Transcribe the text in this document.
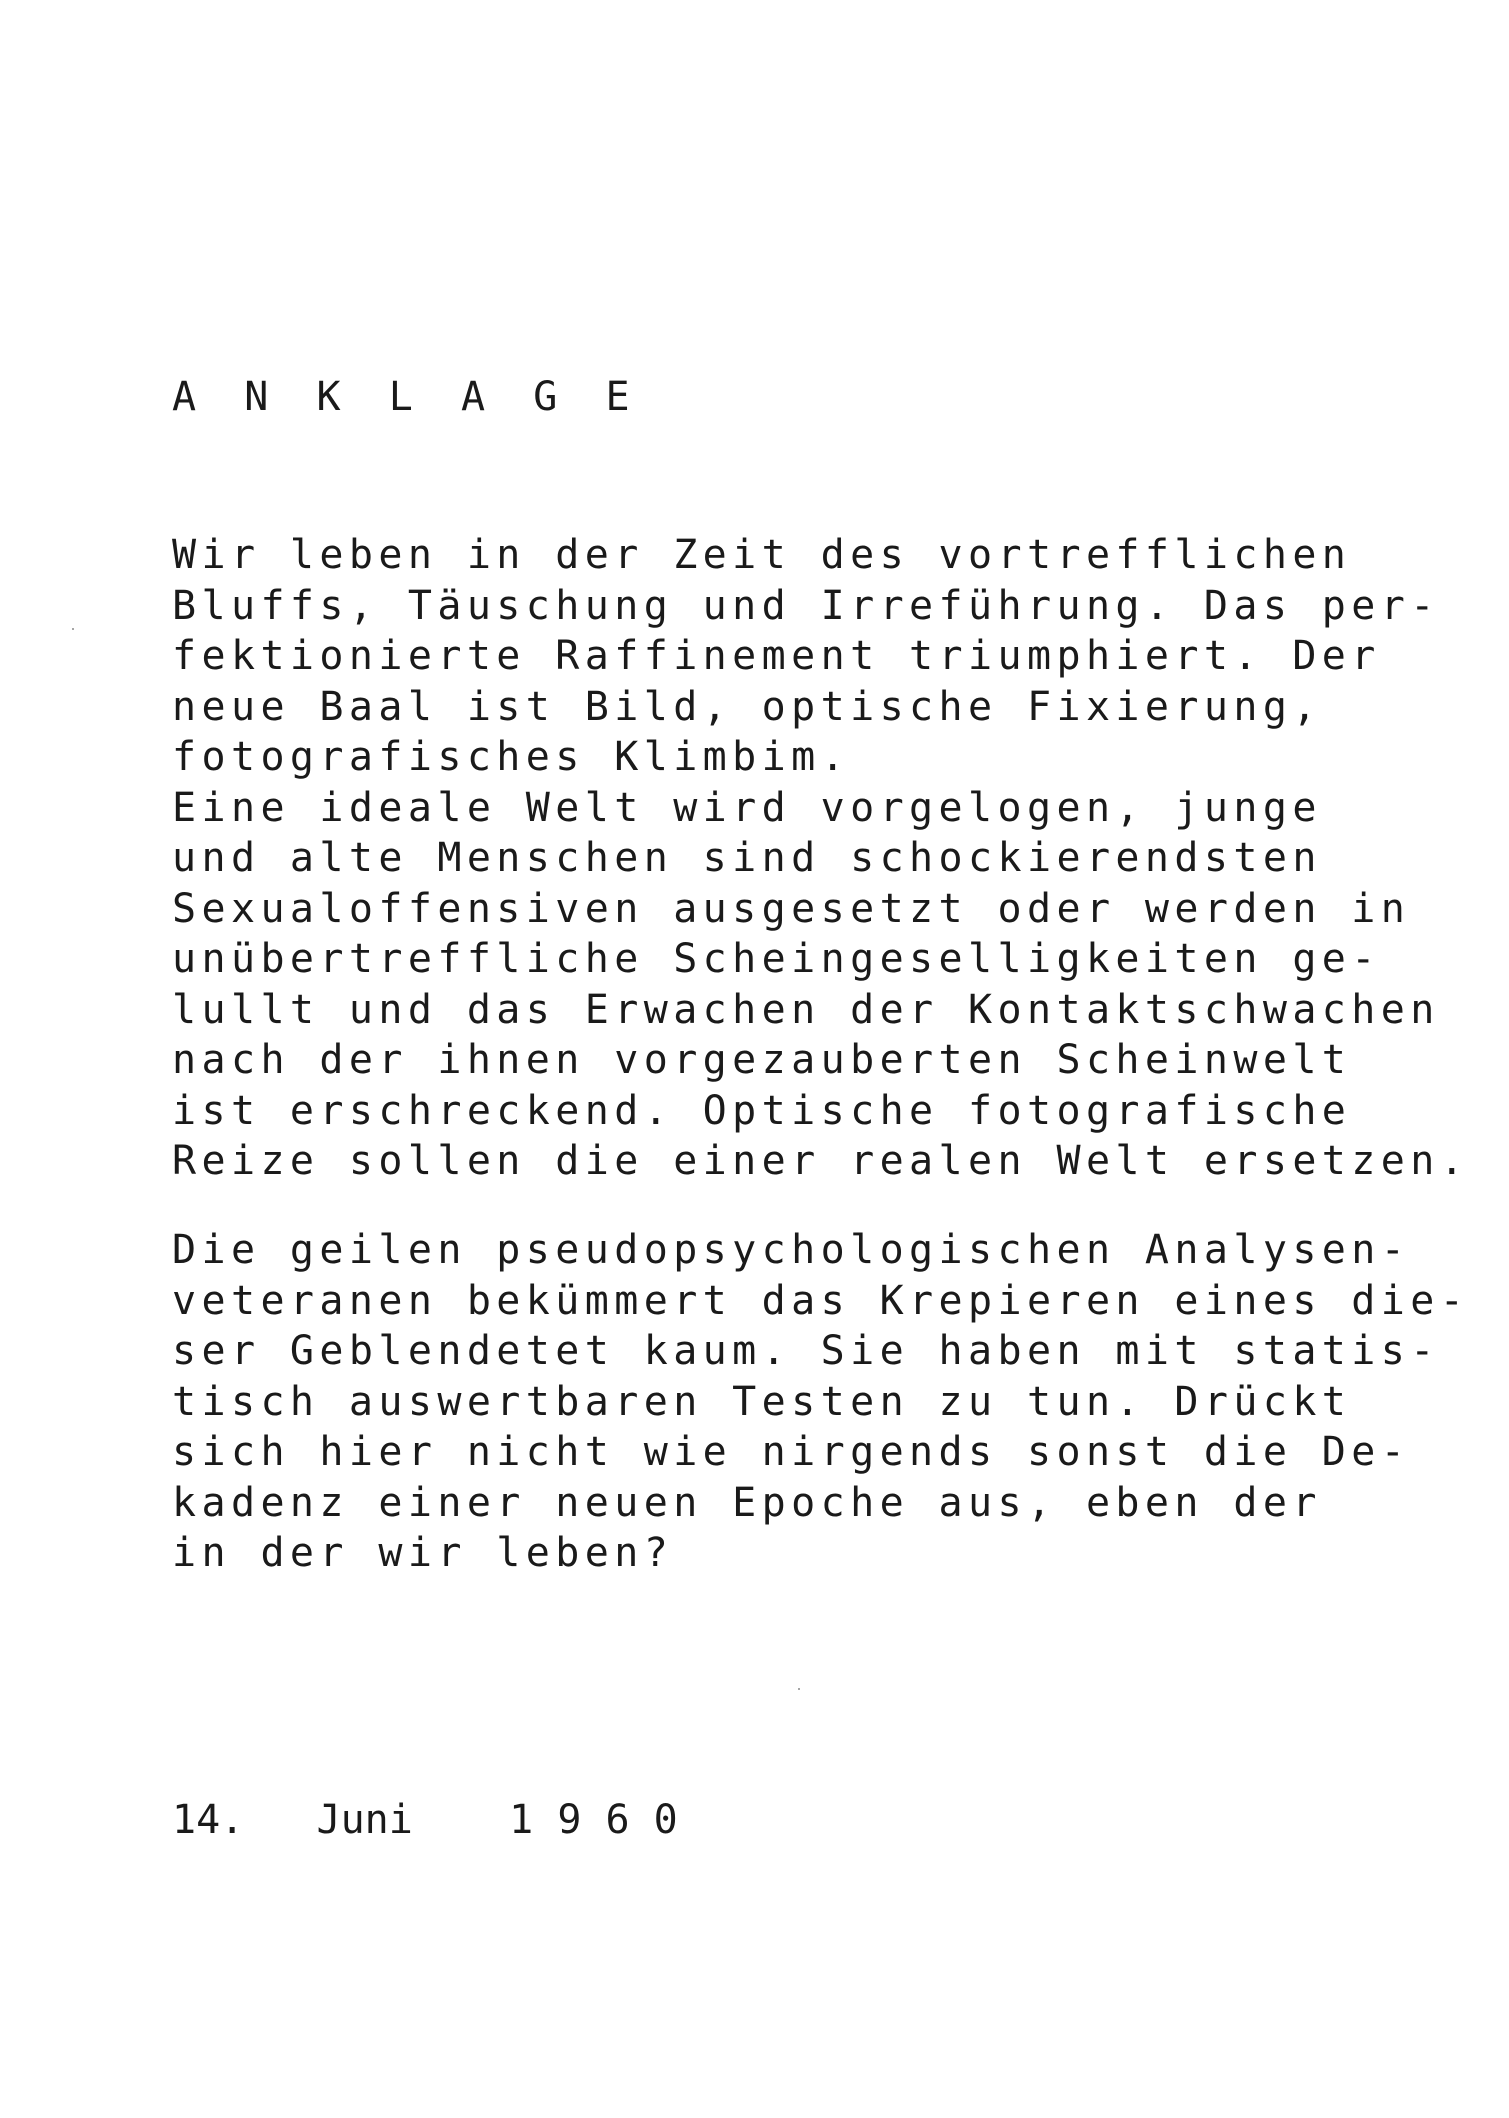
A  N  K  L  A  G  E
Wir leben in der Zeit des vortrefflichen
Bluffs, Täuschung und Irreführung. Das per-
fektionierte Raffinement triumphiert. Der
neue Baal ist Bild, optische Fixierung,
fotografisches Klimbim.
Eine ideale Welt wird vorgelogen, junge
und alte Menschen sind schockierendsten
Sexualoffensiven ausgesetzt oder werden in
unübertreffliche Scheingeselligkeiten ge-
lullt und das Erwachen der Kontaktschwachen
nach der ihnen vorgezauberten Scheinwelt
ist erschreckend. Optische fotografische
Reize sollen die einer realen Welt ersetzen.
Die geilen pseudopsychologischen Analysen-
veteranen bekümmert das Krepieren eines die-
ser Geblendetet kaum. Sie haben mit statis-
tisch auswertbaren Testen zu tun. Drückt
sich hier nicht wie nirgends sonst die De-
kadenz einer neuen Epoche aus, eben der
in der wir leben?

14.   Juni    1 9 6 0
